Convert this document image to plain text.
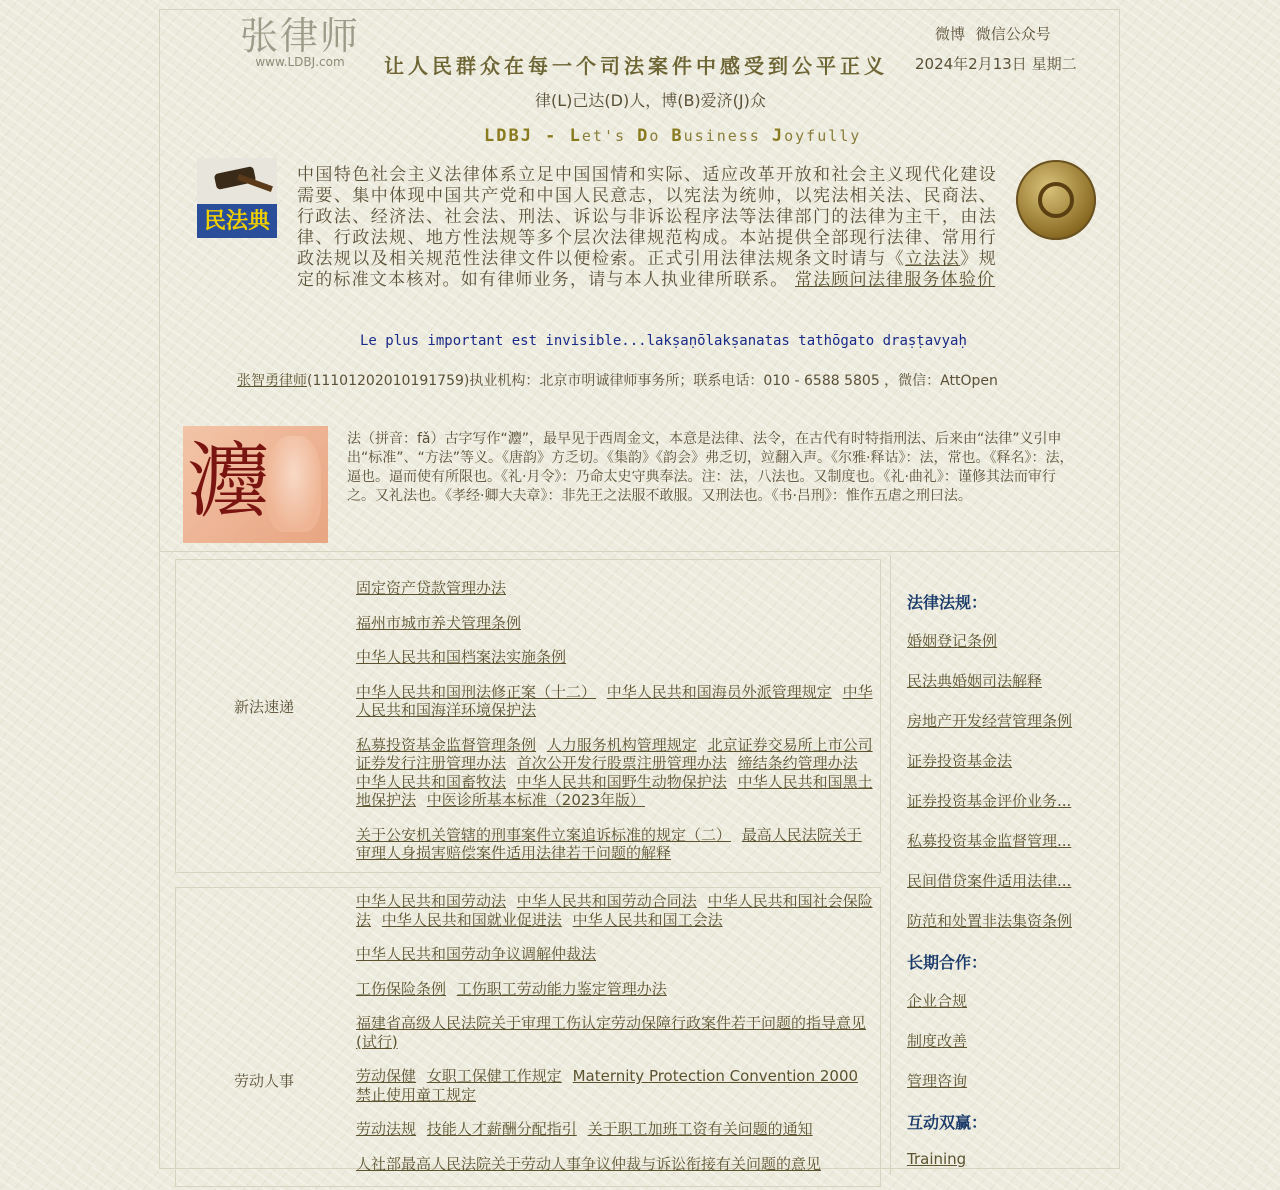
张律师
www.LDBJ.com	让人民群众在每一个司法案件中感受到公平正义
微博 微信公众号
2024年2月13日 星期二
律(L)己达(D)人，博(B)爱济(J)众
LDBJ - Let's Do Business Joyfully
民法典
中国特色社会主义法律体系立足中国国情和实际、适应改革开放和社会主义现代化建设需要、集中体现中国共产党和中国人民意志，以宪法为统帅，以宪法相关法、民商法、行政法、经济法、社会法、刑法、诉讼与非诉讼程序法等法律部门的法律为主干，由法律、行政法规、地方性法规等多个层次法律规范构成。本站提供全部现行法律、常用行政法规以及相关规范性法律文件以便检索。正式引用法律法规条文时请与《立法法》规定的标准文本核对。如有律师业务，请与本人执业律所联系。 常法顾问法律服务体验价
Le plus important est invisible...lakṣaṇōlakṣanatas tathōgato draṣṭavyaḥ
张智勇律师(11101202010191759)执业机构：北京市明诚律师事务所；联系电话：010 - 6588 5805 ，微信：AttOpen
灋	法（拼音：fǎ）古字写作“灋”，最早见于西周金文，本意是法律、法令，在古代有时特指刑法、后来由“法律”义引申出“标准”、“方法”等义。《唐韵》方乏切。《集韵》《韵会》弗乏切，竝翻入声。《尔雅·释诂》：法，常也。《释名》：法，逼也。逼而使有所限也。《礼·月令》：乃命太史守典奉法。注：法，八法也。又制度也。《礼·曲礼》：谨修其法而审行之。又礼法也。《孝经·卿大夫章》：非先王之法服不敢服。又刑法也。《书·吕刑》：惟作五虐之刑曰法。
新法速递
固定资产贷款管理办法
福州市城市养犬管理条例
中华人民共和国档案法实施条例
中华人民共和国刑法修正案（十二） 中华人民共和国海员外派管理规定 中华人民共和国海洋环境保护法
私募投资基金监督管理条例 人力服务机构管理规定 北京证券交易所上市公司证券发行注册管理办法 首次公开发行股票注册管理办法 缔结条约管理办法 中华人民共和国畜牧法 中华人民共和国野生动物保护法 中华人民共和国黑土地保护法 中医诊所基本标准（2023年版）
关于公安机关管辖的刑事案件立案追诉标准的规定（二） 最高人民法院关于审理人身损害赔偿案件适用法律若干问题的解释
劳动人事
中华人民共和国劳动法 中华人民共和国劳动合同法 中华人民共和国社会保险法 中华人民共和国就业促进法 中华人民共和国工会法
中华人民共和国劳动争议调解仲裁法
工伤保险条例 工伤职工劳动能力鉴定管理办法
福建省高级人民法院关于审理工伤认定劳动保障行政案件若干问题的指导意见(试行)
劳动保健 女职工保健工作规定 Maternity Protection Convention 2000 禁止使用童工规定
劳动法规 技能人才薪酬分配指引 关于职工加班工资有关问题的通知
人社部最高人民法院关于劳动人事争议仲裁与诉讼衔接有关问题的意见
法律法规：
婚姻登记条例
民法典婚姻司法解释
房地产开发经营管理条例
证券投资基金法
证券投资基金评价业务...
私募投资基金监督管理...
民间借贷案件适用法律...
防范和处置非法集资条例
长期合作：
企业合规
制度改善
管理咨询
互动双赢：
Training
